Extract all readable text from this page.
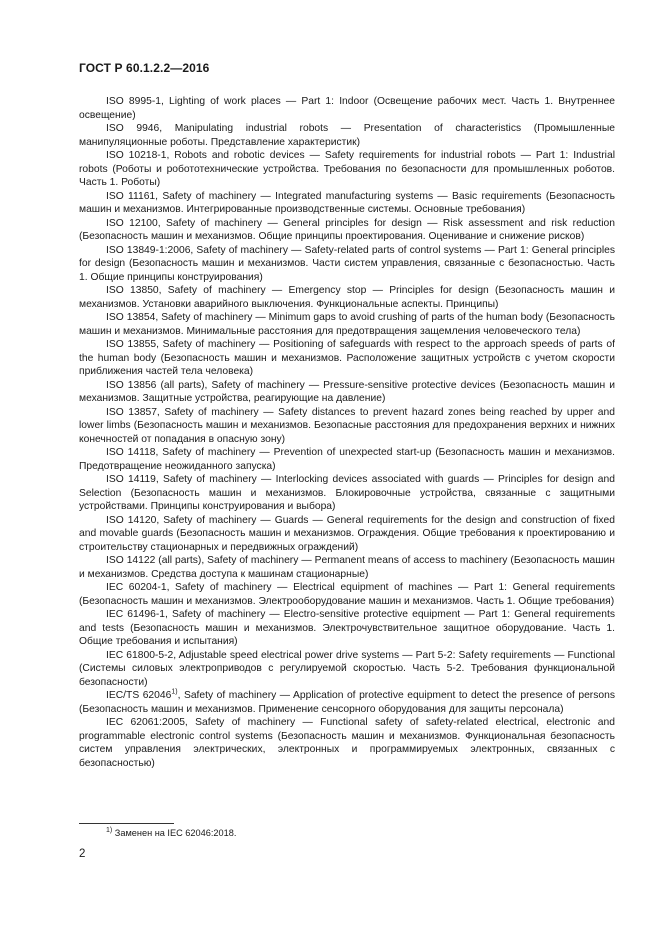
ГОСТ Р 60.1.2.2—2016

ISO 8995-1, Lighting of work places — Part 1: Indoor (Освещение рабочих мест. Часть 1. Внутреннее освещение)

ISO 9946, Manipulating industrial robots — Presentation of characteristics (Промышленные манипуляционные роботы. Представление характеристик)

ISO 10218-1, Robots and robotic devices — Safety requirements for industrial robots — Part 1: Industrial robots (Роботы и робототехнические устройства. Требования по безопасности для промышленных роботов. Часть 1. Роботы)

ISO 11161, Safety of machinery — Integrated manufacturing systems — Basic requirements (Безопасность машин и механизмов. Интегрированные производственные системы. Основные требования)

ISO 12100, Safety of machinery — General principles for design — Risk assessment and risk reduction (Безопасность машин и механизмов. Общие принципы проектирования. Оценивание и снижение рисков)

ISO 13849-1:2006, Safety of machinery — Safety-related parts of control systems — Part 1: General principles for design (Безопасность машин и механизмов. Части систем управления, связанные с безопасностью. Часть 1. Общие принципы конструирования)

ISO 13850, Safety of machinery — Emergency stop — Principles for design (Безопасность машин и механизмов. Установки аварийного выключения. Функциональные аспекты. Принципы)

ISO 13854, Safety of machinery — Minimum gaps to avoid crushing of parts of the human body (Безопасность машин и механизмов. Минимальные расстояния для предотвращения защемления человеческого тела)

ISO 13855, Safety of machinery — Positioning of safeguards with respect to the approach speeds of parts of the human body (Безопасность машин и механизмов. Расположение защитных устройств с учетом скорости приближения частей тела человека)

ISO 13856 (all parts), Safety of machinery — Pressure-sensitive protective devices (Безопасность машин и механизмов. Защитные устройства, реагирующие на давление)

ISO 13857, Safety of machinery — Safety distances to prevent hazard zones being reached by upper and lower limbs (Безопасность машин и механизмов. Безопасные расстояния для предохранения верхних и нижних конечностей от попадания в опасную зону)

ISO 14118, Safety of machinery — Prevention of unexpected start-up (Безопасность машин и механизмов. Предотвращение неожиданного запуска)

ISO 14119, Safety of machinery — Interlocking devices associated with guards — Principles for design and Selection (Безопасность машин и механизмов. Блокировочные устройства, связанные с защитными устройствами. Принципы конструирования и выбора)

ISO 14120, Safety of machinery — Guards — General requirements for the design and construction of fixed and movable guards (Безопасность машин и механизмов. Ограждения. Общие требования к проектированию и строительству стационарных и передвижных ограждений)

ISO 14122 (all parts), Safety of machinery — Permanent means of access to machinery (Безопасность машин и механизмов. Средства доступа к машинам стационарные)

IEC 60204-1, Safety of machinery — Electrical equipment of machines — Part 1: General requirements (Безопасность машин и механизмов. Электрооборудование машин и механизмов. Часть 1. Общие требования)

IEC 61496-1, Safety of machinery — Electro-sensitive protective equipment — Part 1: General requirements and tests (Безопасность машин и механизмов. Электрочувствительное защитное оборудование. Часть 1. Общие требования и испытания)

IEC 61800-5-2, Adjustable speed electrical power drive systems — Part 5-2: Safety requirements — Functional (Системы силовых электроприводов с регулируемой скоростью. Часть 5-2. Требования функциональной безопасности)

IEC/TS 62046$^{1)}$, Safety of machinery — Application of protective equipment to detect the presence of persons (Безопасность машин и механизмов. Применение сенсорного оборудования для защиты персонала)

IEC 62061:2005, Safety of machinery — Functional safety of safety-related electrical, electronic and programmable electronic control systems (Безопасность машин и механизмов. Функциональная безопасность систем управления электрических, электронных и программируемых электронных, связанных с безопасностью)

$^{1)}$ Заменен на IEC 62046:2018.
2
